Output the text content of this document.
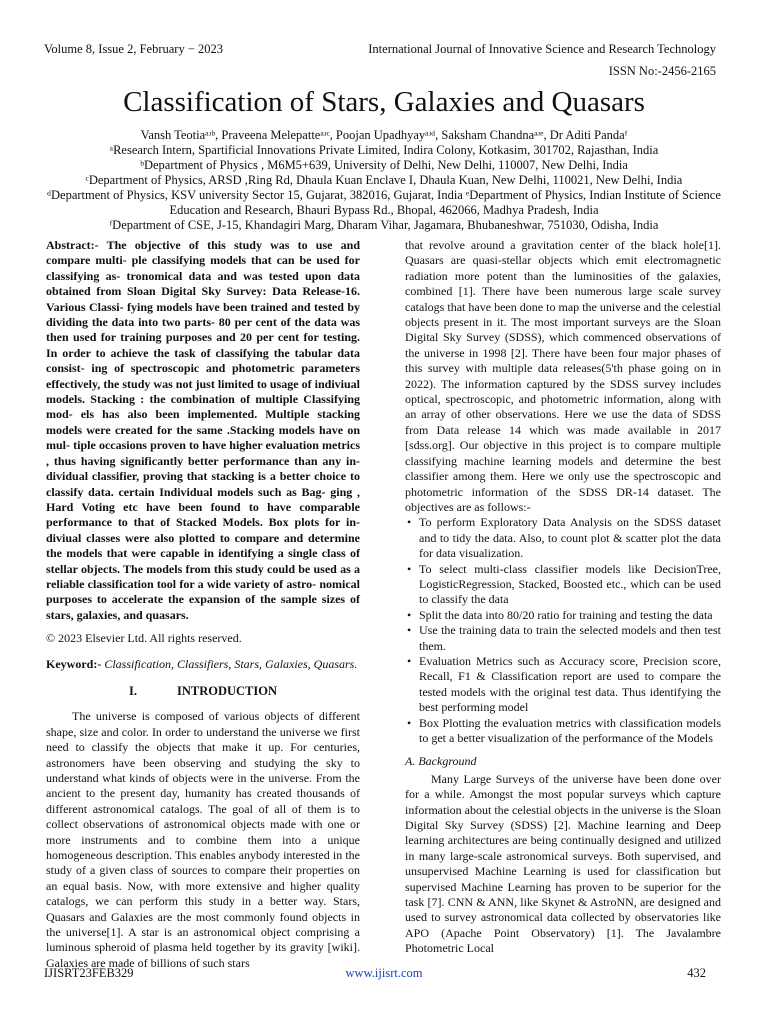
Volume 8, Issue 2, February − 2023	International Journal of Innovative Science and Research Technology
ISSN No:-2456-2165
Classification of Stars, Galaxies and Quasars
Vansh Teotiaᵃʴᵇ, Praveena Melepatteᵃʴᶜ, Poojan Upadhyayᵃʴᵈ, Saksham Chandnaᵃʴᵉ, Dr Aditi Pandaᶠ
ᵃResearch Intern, Spartificial Innovations Private Limited, Indira Colony, Kotkasim, 301702, Rajasthan, India
ᵇDepartment of Physics , M6M5+639, University of Delhi, New Delhi, 110007, New Delhi, India
ᶜDepartment of Physics, ARSD ,Ring Rd, Dhaula Kuan Enclave I, Dhaula Kuan, New Delhi, 110021, New Delhi, India
ᵈDepartment of Physics, KSV university Sector 15, Gujarat, 382016, Gujarat, India ᵉDepartment of Physics, Indian Institute of Science Education and Research, Bhauri Bypass Rd., Bhopal, 462066, Madhya Pradesh, India
ᶠDepartment of CSE, J-15, Khandagiri Marg, Dharam Vihar, Jagamara, Bhubaneshwar, 751030, Odisha, India

Abstract:- The objective of this study was to use and compare multi- ple classifying models that can be used for classifying as- tronomical data and was tested upon data obtained from Sloan Digital Sky Survey: Data Release-16. Various Classi- fying models have been trained and tested by dividing the data into two parts- 80 per cent of the data was then used for training purposes and 20 per cent for testing. In order to achieve the task of classifying the tabular data consist- ing of spectroscopic and photometric parameters effectively, the study was not just limited to usage of indiviual models. Stacking : the combination of multiple Classifying mod- els has also been implemented. Multiple stacking models were created for the same .Stacking models have on mul- tiple occasions proven to have higher evaluation metrics , thus having significantly better performance than any in- dividual classifier, proving that stacking is a better choice to classify data. certain Individual models such as Bag- ging , Hard Voting etc have been found to have comparable performance to that of Stacked Models. Box plots for in- diviual classes were also plotted to compare and determine the models that were capable in identifying a single class of stellar objects. The models from this study could be used as a reliable classification tool for a wide variety of astro- nomical purposes to accelerate the expansion of the sample sizes of stars, galaxies, and quasars.

© 2023 Elsevier Ltd. All rights reserved.

Keyword:- Classification, Classifiers, Stars, Galaxies, Quasars.

I.	INTRODUCTION

The universe is composed of various objects of different shape, size and color. In order to understand the universe we first need to classify the objects that make it up. For centuries, astronomers have been observing and studying the sky to understand what kinds of objects were in the universe. From the ancient to the present day, humanity has created thousands of different astronomical catalogs. The goal of all of them is to collect observations of astronomical objects made with one or more instruments and to combine them into a unique homogeneous description. This enables anybody interested in the study of a given class of sources to compare their properties on an equal basis. Now, with more extensive and higher quality catalogs, we can perform this study in a better way. Stars, Quasars and Galaxies are the most commonly found objects in the universe[1]. A star is an astronomical object comprising a luminous spheroid of plasma held together by its gravity [wiki]. Galaxies are made of billions of such stars

that revolve around a gravitation center of the black hole[1]. Quasars are quasi-stellar objects which emit electromagnetic radiation more potent than the luminosities of the galaxies, combined [1]. There have been numerous large scale survey catalogs that have been done to map the universe and the celestial objects present in it. The most important surveys are the Sloan Digital Sky Survey (SDSS), which commenced observations of the universe in 1998 [2]. There have been four major phases of this survey with multiple data releases(5'th phase going on in 2022). The information captured by the SDSS survey includes optical, spectroscopic, and photometric information, along with an array of other observations. Here we use the data of SDSS from Data release 14 which was made available in 2017 [sdss.org]. Our objective in this project is to compare multiple classifying machine learning models and determine the best classifier among them. Here we only use the spectroscopic and photometric information of the SDSS DR-14 dataset. The objectives are as follows:-

• To perform Exploratory Data Analysis on the SDSS dataset and to tidy the data. Also, to count plot & scatter plot the data for data visualization.
• To select multi-class classifier models like DecisionTree, LogisticRegression, Stacked, Boosted etc., which can be used to classify the data
• Split the data into 80/20 ratio for training and testing the data
• Use the training data to train the selected models and then test them.
• Evaluation Metrics such as Accuracy score, Precision score, Recall, F1 & Classification report are used to compare the tested models with the original test data. Thus identifying the best performing model
• Box Plotting the evaluation metrics with classification models to get a better visualization of the performance of the Models
A. Background

Many Large Surveys of the universe have been done over for a while. Amongst the most popular surveys which capture information about the celestial objects in the universe is the Sloan Digital Sky Survey (SDSS) [2]. Machine learning and Deep learning architectures are being continually designed and utilized in many large-scale astronomical surveys. Both supervised, and unsupervised Machine Learning is used for classification but supervised Machine Learning has proven to be superior for the task [7]. CNN & ANN, like Skynet & AstroNN, are designed and used to survey astronomical data collected by observatories like APO (Apache Point Observatory) [1]. The Javalambre Photometric Local

IJISRT23FEB329	www.ijisrt.com	432
